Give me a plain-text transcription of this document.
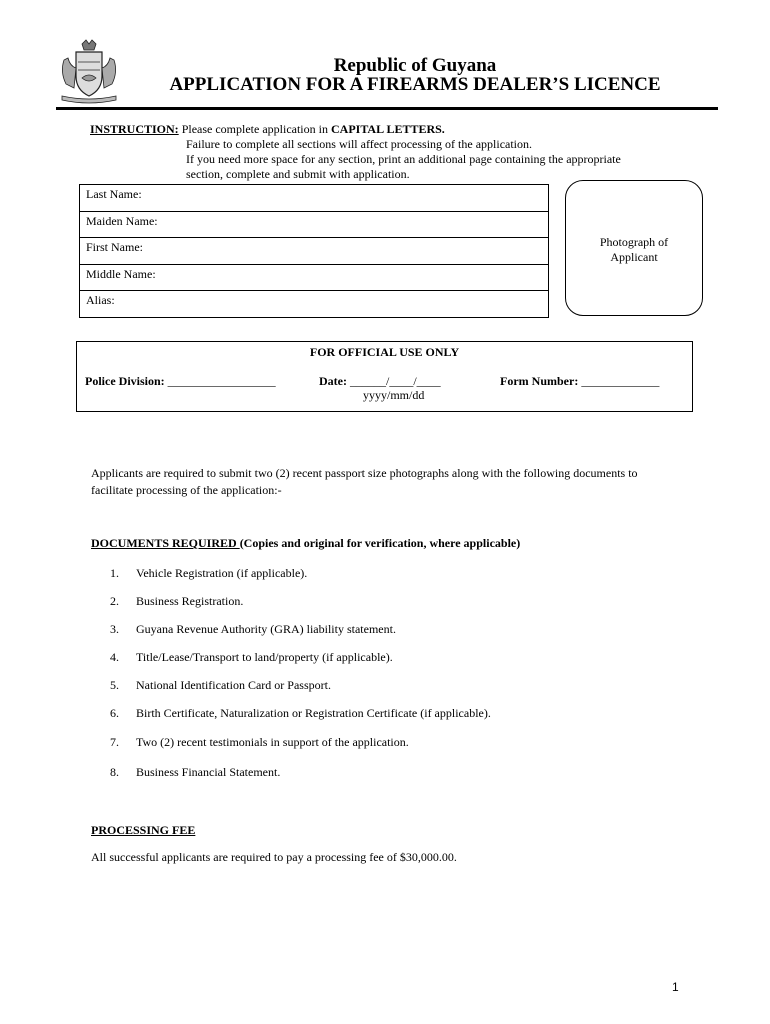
Republic of Guyana
APPLICATION FOR A FIREARMS DEALER’S LICENCE
INSTRUCTION: Please complete application in CAPITAL LETTERS.
Failure to complete all sections will affect processing of the application.
If you need more space for any section, print an additional page containing the appropriate
section, complete and submit with application.
Last Name:
Maiden Name:
First Name:
Middle Name:
Alias:
Photograph of
Applicant
FOR OFFICIAL USE ONLY
Police Division: __________________	Date: ______/____/____
yyyy/mm/dd
Form Number: _____________
Applicants are required to submit two (2) recent passport size photographs along with the following documents to
facilitate processing of the application:-
DOCUMENTS REQUIRED (Copies and original for verification, where applicable)
1. Vehicle Registration (if applicable).
2. Business Registration.
3. Guyana Revenue Authority (GRA) liability statement.
4. Title/Lease/Transport to land/property (if applicable).
5. National Identification Card or Passport.
6. Birth Certificate, Naturalization or Registration Certificate (if applicable).
7. Two (2) recent testimonials in support of the application.
8. Business Financial Statement.
PROCESSING FEE
All successful applicants are required to pay a processing fee of $30,000.00.
1
